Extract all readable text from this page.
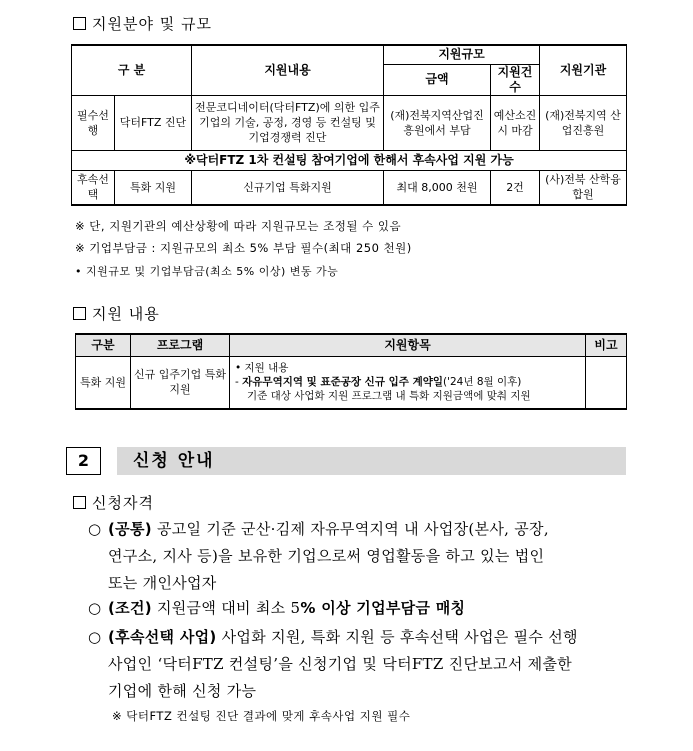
지원분야 및 규모
구 분		지원내용	지원규모		지원기관
			금액	지원건수	
필수선행	닥터FTZ 진단	전문코디네이터(닥터FTZ)에 의한 입주기업의 기술, 공정, 경영 등 컨설팅 및 기업경쟁력 진단	(재)전북지역산업진흥원에서 부담	예산소진시 마감	(재)전북지역 산업진흥원
※닥터FTZ 1차 컨설팅 참여기업에 한해서 후속사업 지원 가능					
후속선택	특화 지원	신규기업 특화지원	최대 8,000 천원	2건	(사)전북 산학융합원
※ 단, 지원기관의 예산상황에 따라 지원규모는 조정될 수 있음
※ 기업부담금 : 지원규모의 최소 5% 부담 필수(최대 250 천원)
• 지원규모 및 기업부담금(최소 5% 이상) 변동 가능
지원 내용
구분	프로그램	지원항목	비고
특화 지원	신규 입주기업 특화지원	• 지원 내용
- 자유무역지역 및 표준공장 신규 입주 계약일('24년 8월 이후)
기준 대상 사업화 지원 프로그램 내 특화 지원금액에 맞춰 지원	

2	신청 안내
신청자격
○ (공통) 공고일 기준 군산·김제 자유무역지역 내 사업장(본사, 공장,
연구소, 지사 등)을 보유한 기업으로써 영업활동을 하고 있는 법인
또는 개인사업자
○ (조건) 지원금액 대비 최소 5% 이상 기업부담금 매칭
○ (후속선택 사업) 사업화 지원, 특화 지원 등 후속선택 사업은 필수 선행
사업인 ‘닥터FTZ 컨설팅’을 신청기업 및 닥터FTZ 진단보고서 제출한
기업에 한해 신청 가능
※ 닥터FTZ 컨설팅 진단 결과에 맞게 후속사업 지원 필수
